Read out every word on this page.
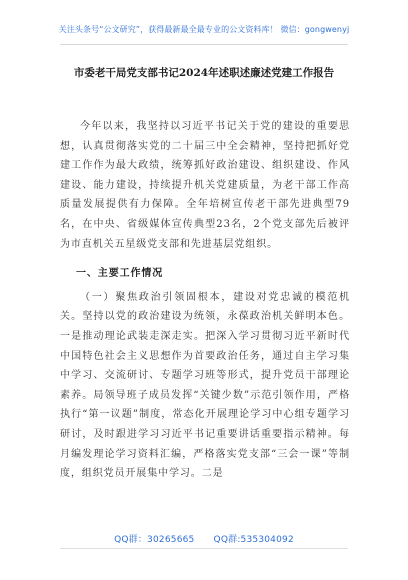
关注头条号“公文研究”，获得最新最全最专业的公文资料库！ 微信：gongwenyj
市委老干局党支部书记2024年述职述廉述党建工作报告

今年以来，我坚持以习近平书记关于党的建设的重要思想，认真贯彻落实党的二十届三中全会精神，坚持把抓好党建工作作为最大政绩，统筹抓好政治建设、组织建设、作风建设、能力建设，持续提升机关党建质量，为老干部工作高质量发展提供有力保障。全年培树宣传老干部先进典型79名，在中央、省级媒体宣传典型23名，2个党支部先后被评为市直机关五星级党支部和先进基层党组织。

一、主要工作情况

（一）聚焦政治引领固根本，建设对党忠诚的模范机关。坚持以党的政治建设为统领，永葆政治机关鲜明本色。一是推动理论武装走深走实。把深入学习贯彻习近平新时代中国特色社会主义思想作为首要政治任务，通过自主学习集中学习、交流研讨、专题学习班等形式，提升党员干部理论素养。局领导班子成员发挥“关键少数”示范引领作用，严格执行“第一议题”制度，常态化开展理论学习中心组专题学习研讨，及时跟进学习习近平书记重要讲话重要指示精神。每月编发理论学习资料汇编，严格落实党支部“三会一课”等制度，组织党员开展集中学习。二是

QQ群：30265665 QQ群:535304092
